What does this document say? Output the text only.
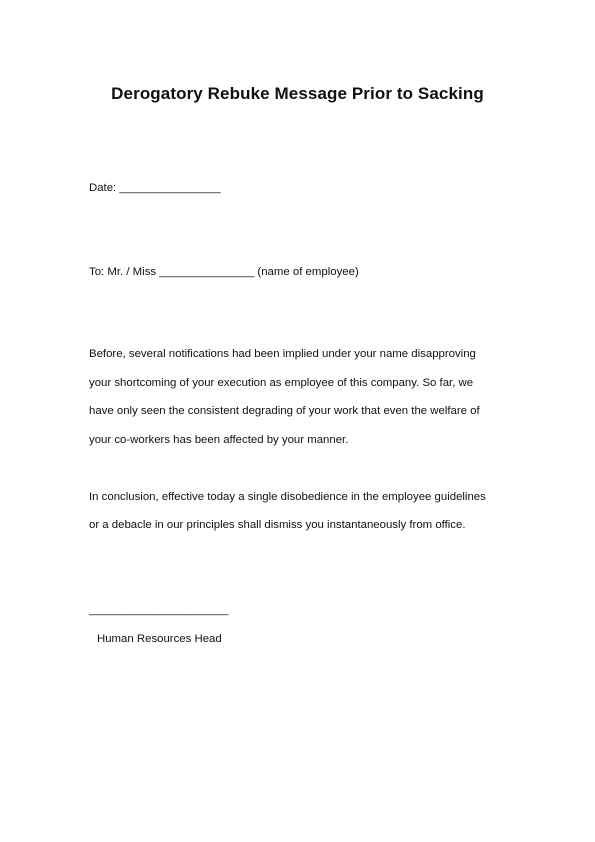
Derogatory Rebuke Message Prior to Sacking
Date: ________________
To: Mr. / Miss _______________ (name of employee)
Before, several notifications had been implied under your name disapproving
your shortcoming of your execution as employee of this company. So far, we
have only seen the consistent degrading of your work that even the welfare of
your co-workers has been affected by your manner.
In conclusion, effective today a single disobedience in the employee guidelines
or a debacle in our principles shall dismiss you instantaneously from office.
______________________
Human Resources Head
